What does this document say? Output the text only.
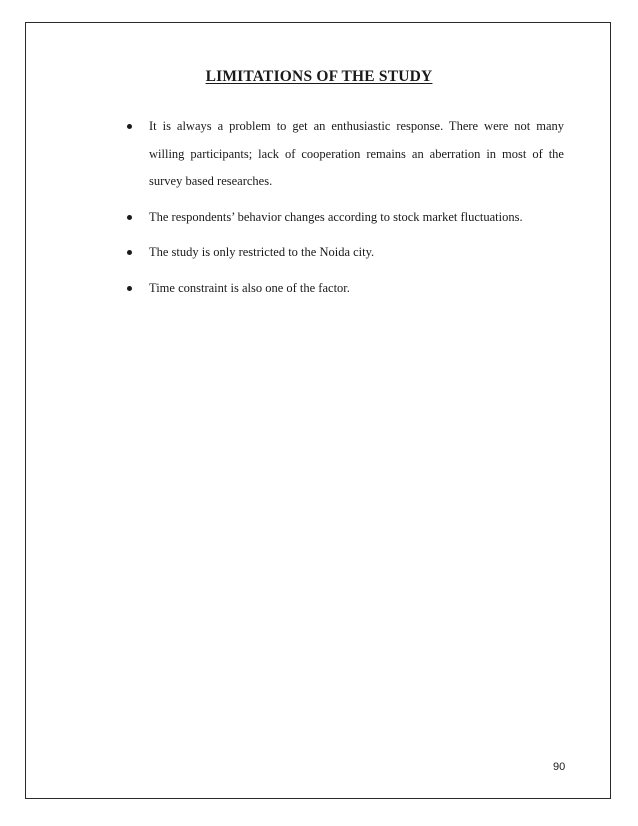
LIMITATIONS OF THE STUDY
It is always a problem to get an enthusiastic response. There were not many willing participants; lack of cooperation remains an aberration in most of the survey based researches.
The respondents’ behavior changes according to stock market fluctuations.
The study is only restricted to the Noida city.
Time constraint is also one of the factor.
90
